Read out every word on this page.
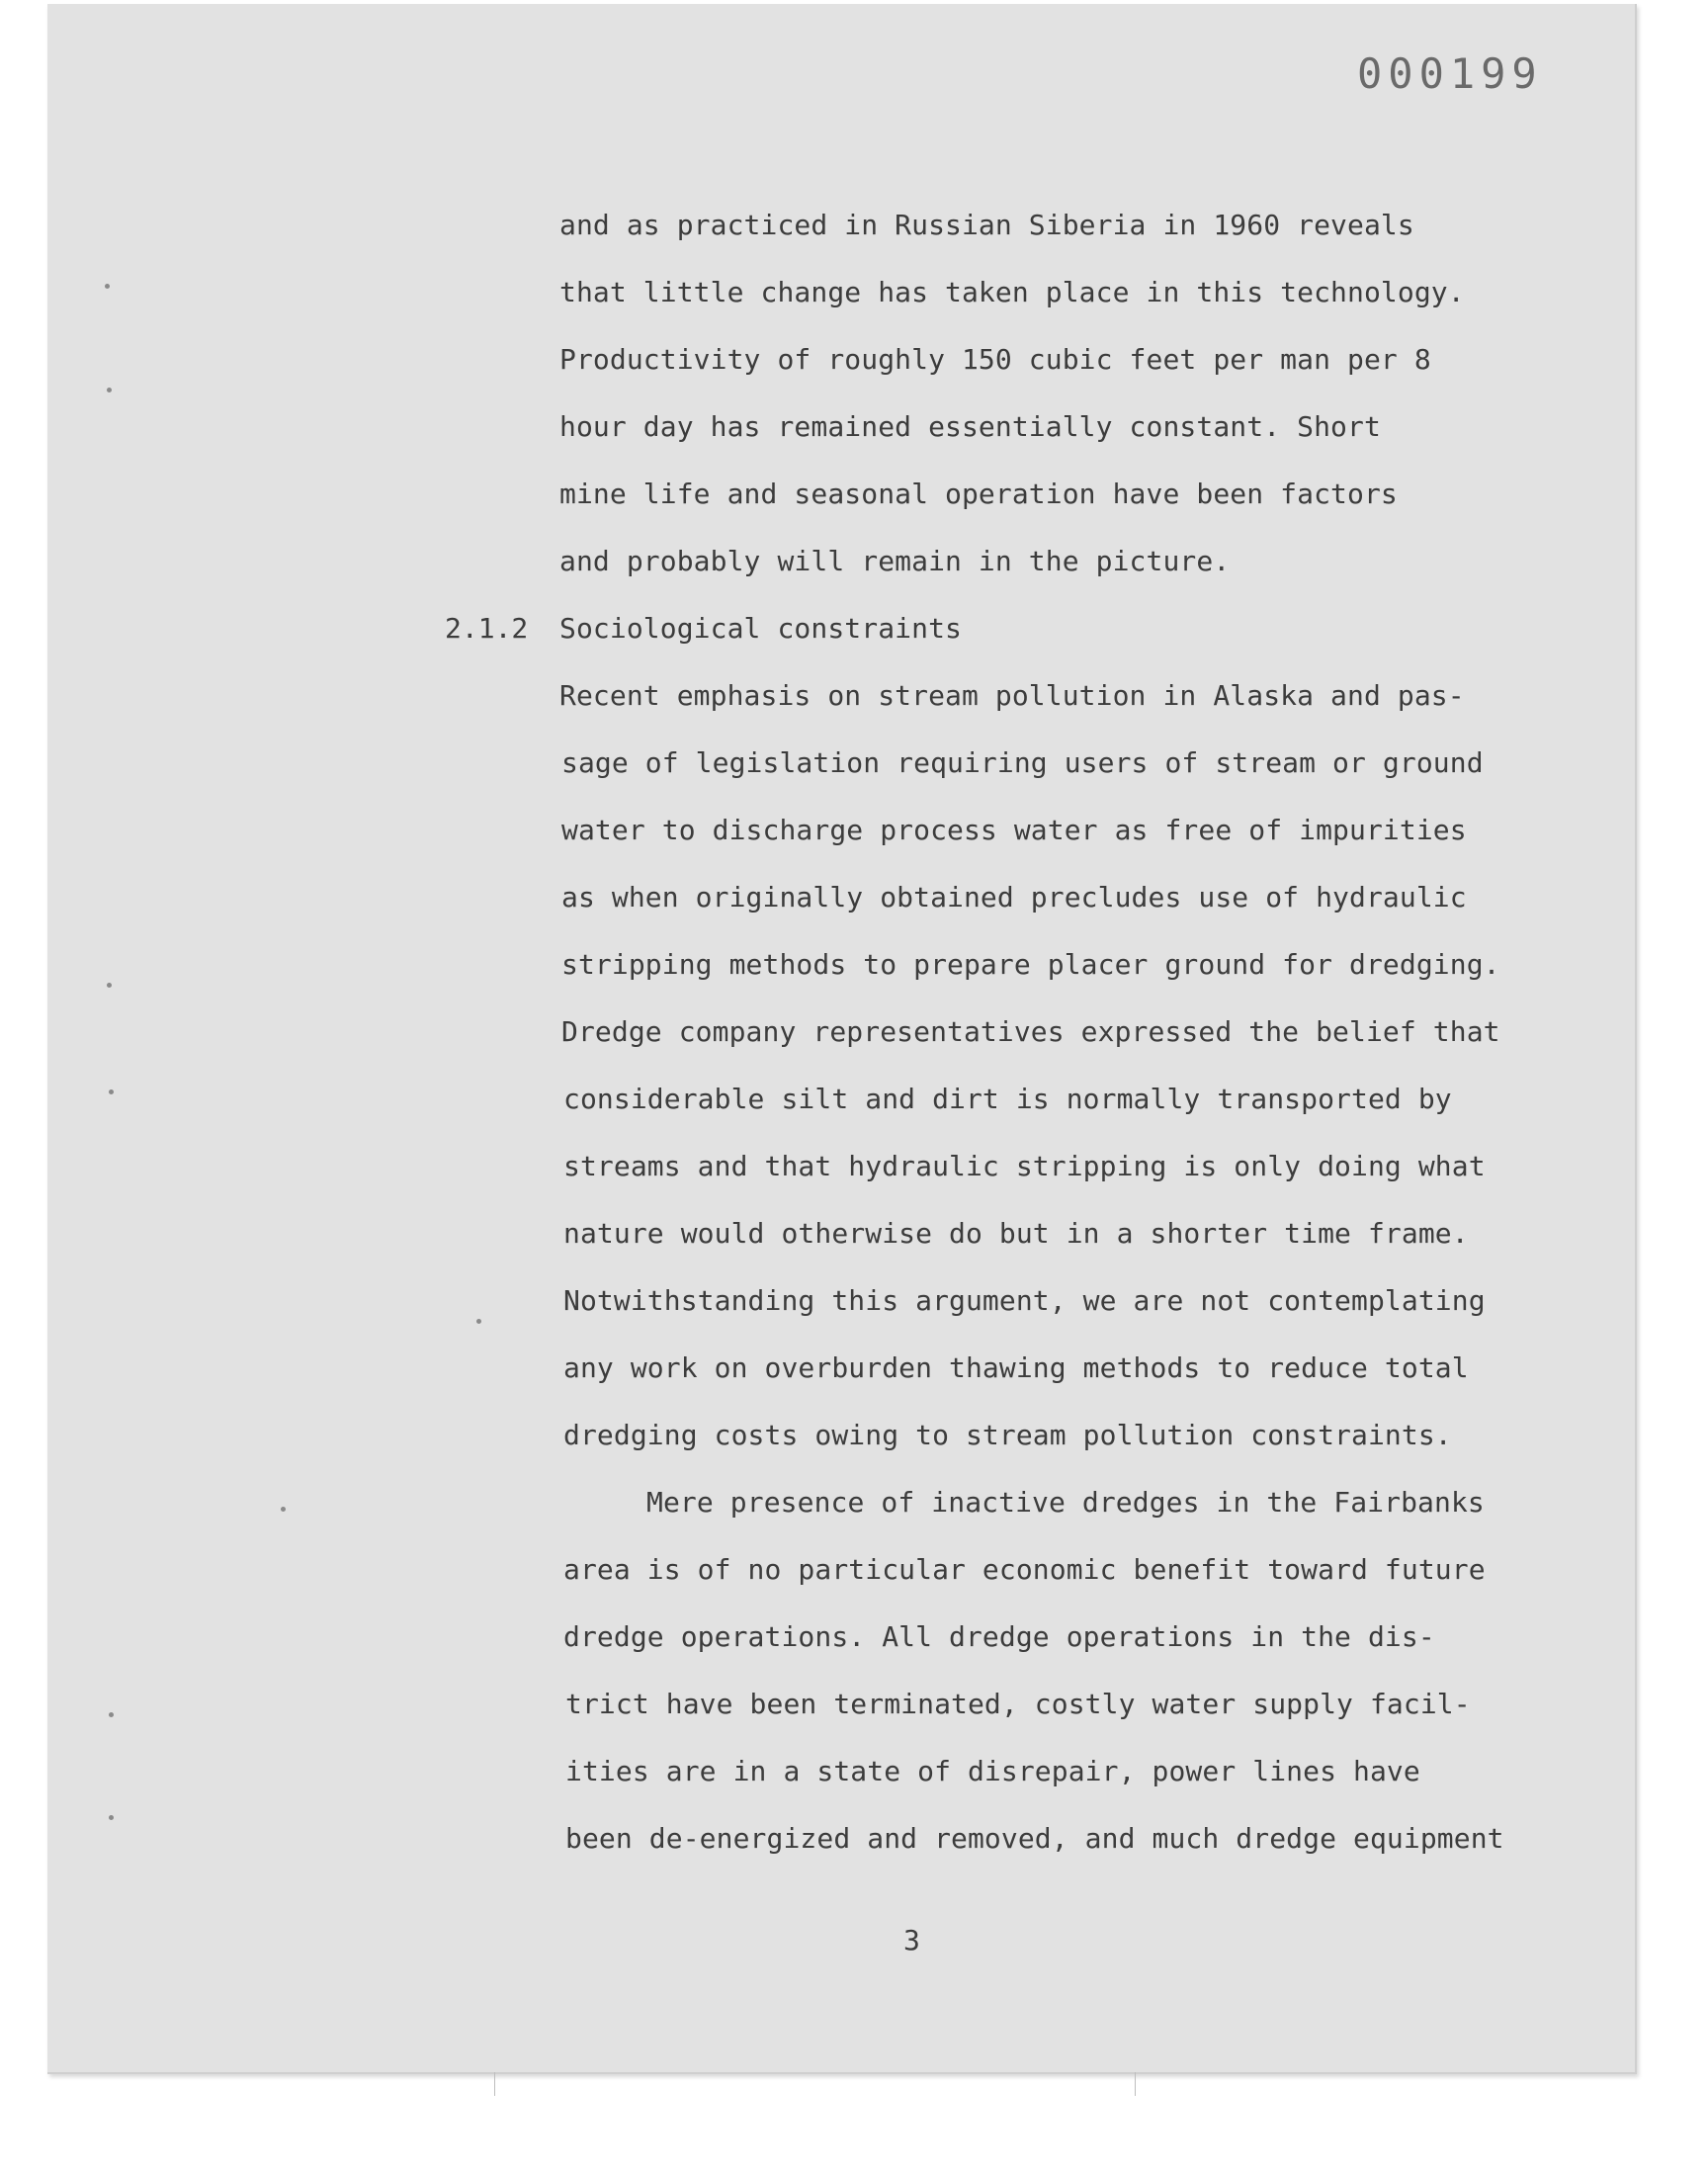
000199
and as practiced in Russian Siberia in 1960 reveals
that little change has taken place in this technology.
Productivity of roughly 150 cubic feet per man per 8
hour day has remained essentially constant. Short
mine life and seasonal operation have been factors
and probably will remain in the picture.
2.1.2 Sociological constraints
Recent emphasis on stream pollution in Alaska and pas-
sage of legislation requiring users of stream or ground
water to discharge process water as free of impurities
as when originally obtained precludes use of hydraulic
stripping methods to prepare placer ground for dredging.
Dredge company representatives expressed the belief that
considerable silt and dirt is normally transported by
streams and that hydraulic stripping is only doing what
nature would otherwise do but in a shorter time frame.
Notwithstanding this argument, we are not contemplating
any work on overburden thawing methods to reduce total
dredging costs owing to stream pollution constraints.
Mere presence of inactive dredges in the Fairbanks
area is of no particular economic benefit toward future
dredge operations. All dredge operations in the dis-
trict have been terminated, costly water supply facil-
ities are in a state of disrepair, power lines have
been de-energized and removed, and much dredge equipment
3
